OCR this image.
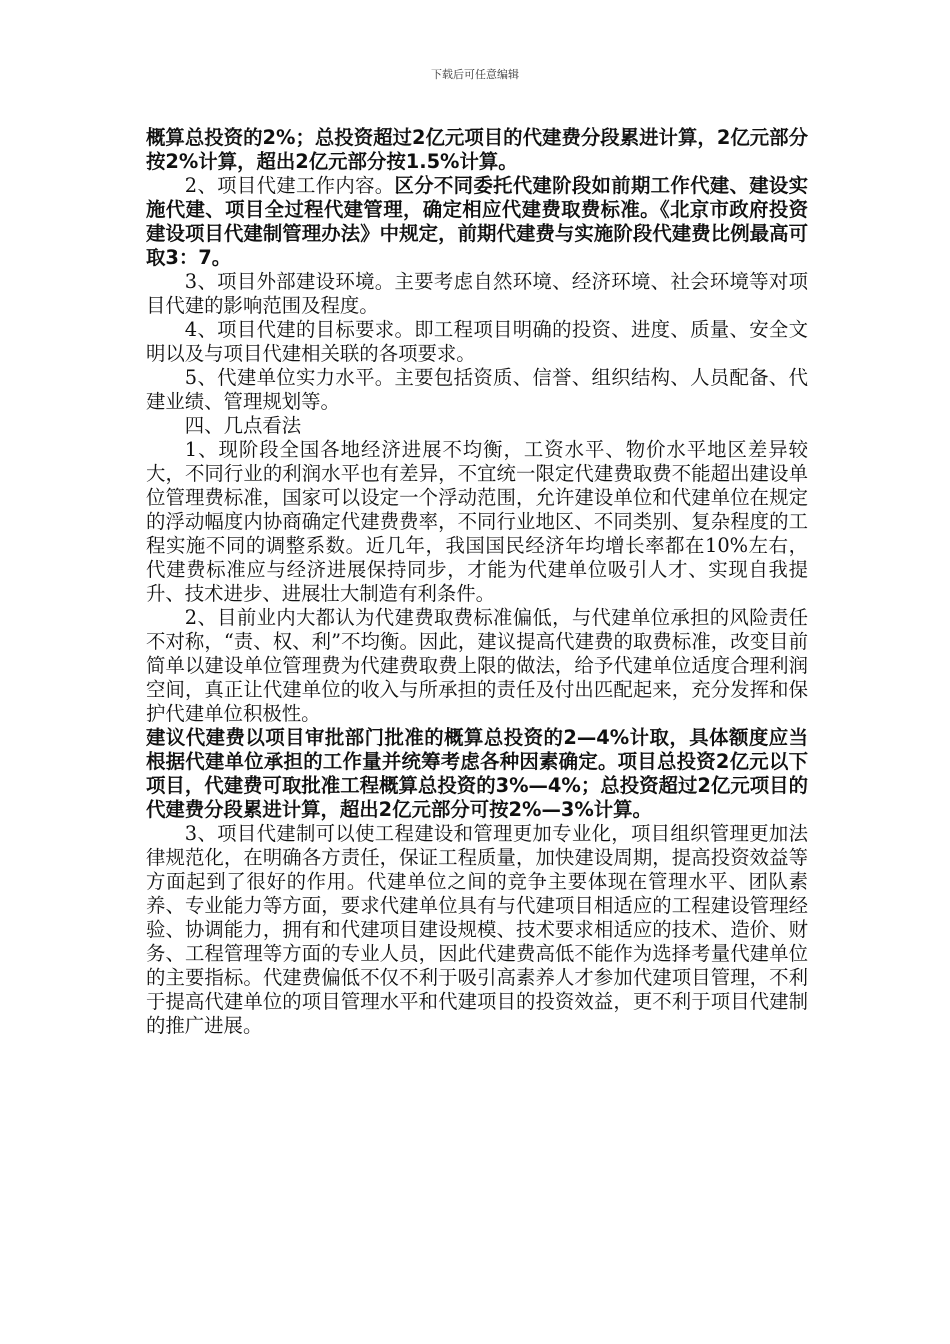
下载后可任意编辑

概算总投资的2%；总投资超过2亿元项目的代建费分段累进计算，2亿元部分按2%计算，超出2亿元部分按1.5%计算。

2、项目代建工作内容。区分不同委托代建阶段如前期工作代建、建设实施代建、项目全过程代建管理，确定相应代建费取费标准。《北京市政府投资建设项目代建制管理办法》中规定，前期代建费与实施阶段代建费比例最高可取3：7。

3、项目外部建设环境。主要考虑自然环境、经济环境、社会环境等对项目代建的影响范围及程度。

4、项目代建的目标要求。即工程项目明确的投资、进度、质量、安全文明以及与项目代建相关联的各项要求。

5、代建单位实力水平。主要包括资质、信誉、组织结构、人员配备、代建业绩、管理规划等。

四、几点看法

1、现阶段全国各地经济进展不均衡，工资水平、物价水平地区差异较大，不同行业的利润水平也有差异，不宜统一限定代建费取费不能超出建设单位管理费标准，国家可以设定一个浮动范围，允许建设单位和代建单位在规定的浮动幅度内协商确定代建费费率，不同行业地区、不同类别、复杂程度的工程实施不同的调整系数。近几年，我国国民经济年均增长率都在10%左右，代建费标准应与经济进展保持同步，才能为代建单位吸引人才、实现自我提升、技术进步、进展壮大制造有利条件。

2、目前业内大都认为代建费取费标准偏低，与代建单位承担的风险责任不对称，“责、权、利”不均衡。因此，建议提高代建费的取费标准，改变目前简单以建设单位管理费为代建费取费上限的做法，给予代建单位适度合理利润空间，真正让代建单位的收入与所承担的责任及付出匹配起来，充分发挥和保护代建单位积极性。

建议代建费以项目审批部门批准的概算总投资的2—4%计取，具体额度应当根据代建单位承担的工作量并统筹考虑各种因素确定。项目总投资2亿元以下项目，代建费可取批准工程概算总投资的3%—4%；总投资超过2亿元项目的代建费分段累进计算，超出2亿元部分可按2%—3%计算。

3、项目代建制可以使工程建设和管理更加专业化，项目组织管理更加法律规范化，在明确各方责任，保证工程质量，加快建设周期，提高投资效益等方面起到了很好的作用。代建单位之间的竞争主要体现在管理水平、团队素养、专业能力等方面，要求代建单位具有与代建项目相适应的工程建设管理经验、协调能力，拥有和代建项目建设规模、技术要求相适应的技术、造价、财务、工程管理等方面的专业人员，因此代建费高低不能作为选择考量代建单位的主要指标。代建费偏低不仅不利于吸引高素养人才参加代建项目管理，不利于提高代建单位的项目管理水平和代建项目的投资效益，更不利于项目代建制的推广进展。
